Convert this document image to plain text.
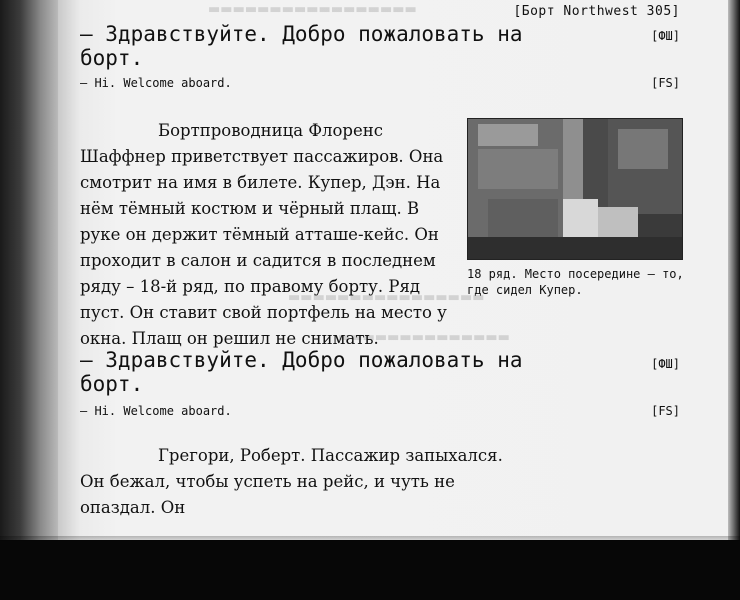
▬▬▬▬▬▬▬▬▬▬▬▬▬▬▬▬▬
▬▬▬▬▬▬▬▬▬▬▬▬▬▬▬▬
▬▬▬▬▬▬▬▬▬▬▬▬▬▬
[Борт Northwest 305]
– Здравствуйте. Добро пожаловать на борт.
[ФШ]
– Hi. Welcome aboard.	[FS]
Бортпроводница Флоренс Шаффнер приветствует пассажиров. Она смотрит на имя в билете. Купер, Дэн. На нём тёмный костюм и чёрный плащ. В руке он держит тёмный атташе-кейс. Он проходит в салон и садится в последнем ряду – 18-й ряд, по правому борту. Ряд пуст. Он ставит свой портфель на место у окна. Плащ он решил не снимать.
18 ряд. Место посередине – то, где сидел Купер.
– Здравствуйте. Добро пожаловать на борт.
[ФШ]
– Hi. Welcome aboard.	[FS]
Грегори, Роберт. Пассажир запыхался. Он бежал, чтобы успеть на рейс, и чуть не опаздал. Он
